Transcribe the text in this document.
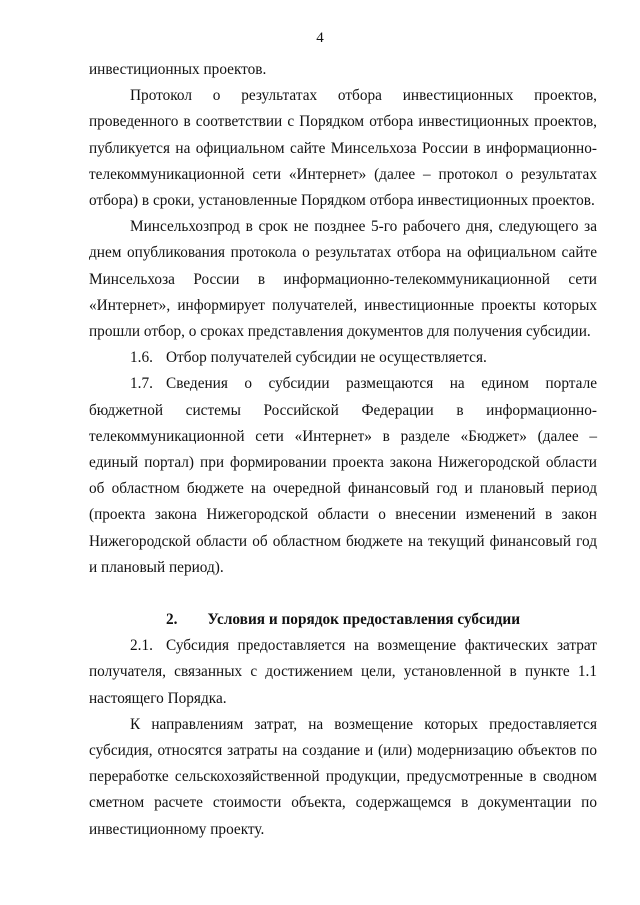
4

инвестиционных проектов.

Протокол о результатах отбора инвестиционных проектов, проведенного в соответствии с Порядком отбора инвестиционных проектов, публикуется на официальном сайте Минсельхоза России в информационно-телекоммуникационной сети «Интернет» (далее – протокол о результатах отбора) в сроки, установленные Порядком отбора инвестиционных проектов.

Минсельхозпрод в срок не позднее 5-го рабочего дня, следующего за днем опубликования протокола о результатах отбора на официальном сайте Минсельхоза России в информационно-телекоммуникационной сети «Интернет», информирует получателей, инвестиционные проекты которых прошли отбор, о сроках представления документов для получения субсидии.

1.6. Отбор получателей субсидии не осуществляется.

1.7. Сведения о субсидии размещаются на едином портале бюджетной системы Российской Федерации в информационно-телекоммуникационной сети «Интернет» в разделе «Бюджет» (далее – единый портал) при формировании проекта закона Нижегородской области об областном бюджете на очередной финансовый год и плановый период (проекта закона Нижегородской области о внесении изменений в закон Нижегородской области об областном бюджете на текущий финансовый год и плановый период).

2. Условия и порядок предоставления субсидии

2.1. Субсидия предоставляется на возмещение фактических затрат получателя, связанных с достижением цели, установленной в пункте 1.1 настоящего Порядка.

К направлениям затрат, на возмещение которых предоставляется субсидия, относятся затраты на создание и (или) модернизацию объектов по переработке сельскохозяйственной продукции, предусмотренные в сводном сметном расчете стоимости объекта, содержащемся в документации по инвестиционному проекту.
